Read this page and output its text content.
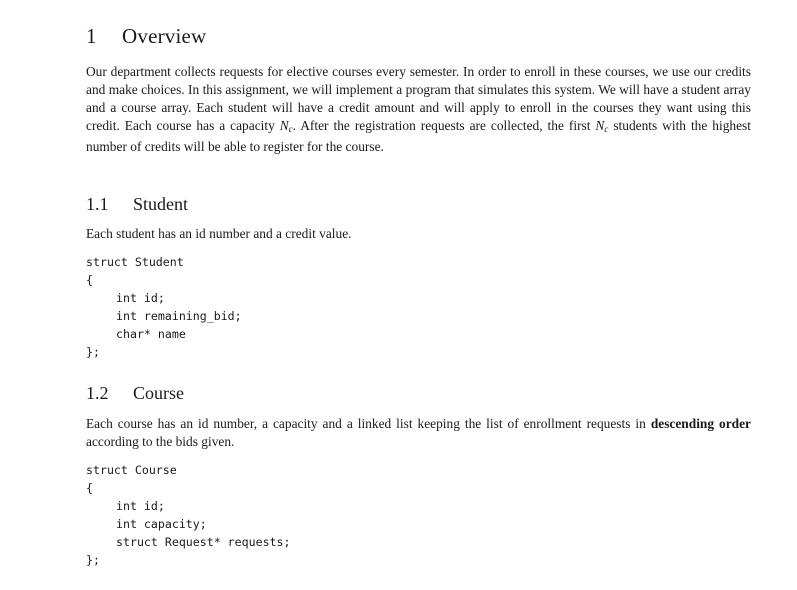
1 Overview

Our department collects requests for elective courses every semester. In order to enroll in these courses, we use our credits and make choices. In this assignment, we will implement a program that simulates this system. We will have a student array and a course array. Each student will have a credit amount and will apply to enroll in the courses they want using this credit. Each course has a capacity Nc. After the registration requests are collected, the first Nc students with the highest number of credits will be able to register for the course.

1.1 Student

Each student has an id number and a credit value.

struct Student
{
int id;
int remaining_bid;
char* name
};
1.2 Course

Each course has an id number, a capacity and a linked list keeping the list of enrollment requests in descending order according to the bids given.

struct Course
{
int id;
int capacity;
struct Request* requests;
};
